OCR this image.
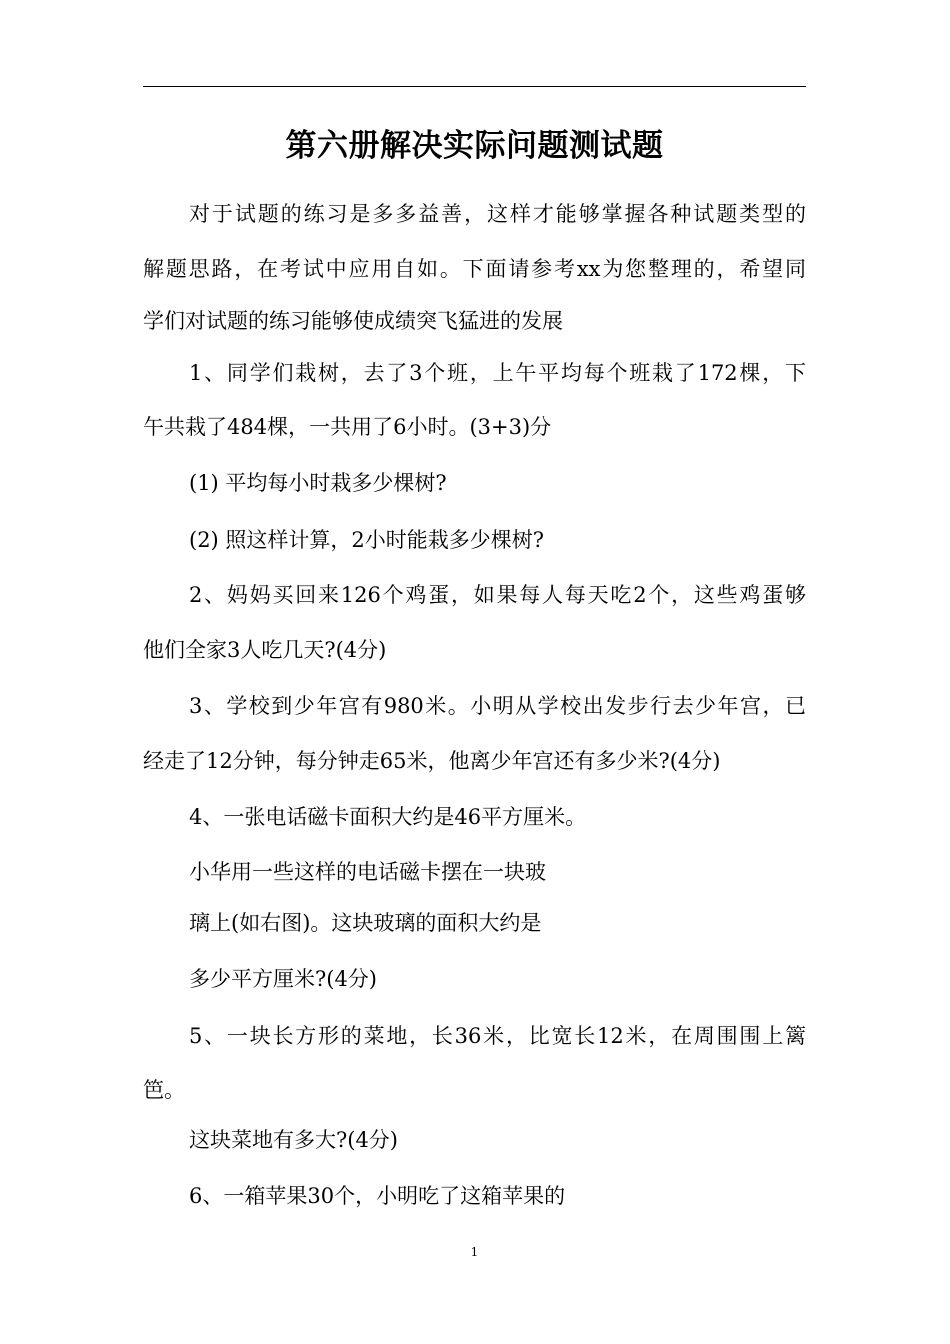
第六册解决实际问题测试题
对于试题的练习是多多益善，这样才能够掌握各种试题类型的
解题思路，在考试中应用自如。下面请参考xx为您整理的，希望同
学们对试题的练习能够使成绩突飞猛进的发展
1、同学们栽树，去了3个班，上午平均每个班栽了172棵，下
午共栽了484棵，一共用了6小时。(3+3)分
(1) 平均每小时栽多少棵树?
(2) 照这样计算，2小时能栽多少棵树?
2、妈妈买回来126个鸡蛋，如果每人每天吃2个，这些鸡蛋够
他们全家3人吃几天?(4分)
3、学校到少年宫有980米。小明从学校出发步行去少年宫，已
经走了12分钟，每分钟走65米，他离少年宫还有多少米?(4分)
4、一张电话磁卡面积大约是46平方厘米。
小华用一些这样的电话磁卡摆在一块玻
璃上(如右图)。这块玻璃的面积大约是
多少平方厘米?(4分)
5、一块长方形的菜地，长36米，比宽长12米，在周围围上篱
笆。
这块菜地有多大?(4分)
6、一箱苹果30个，小明吃了这箱苹果的
1
